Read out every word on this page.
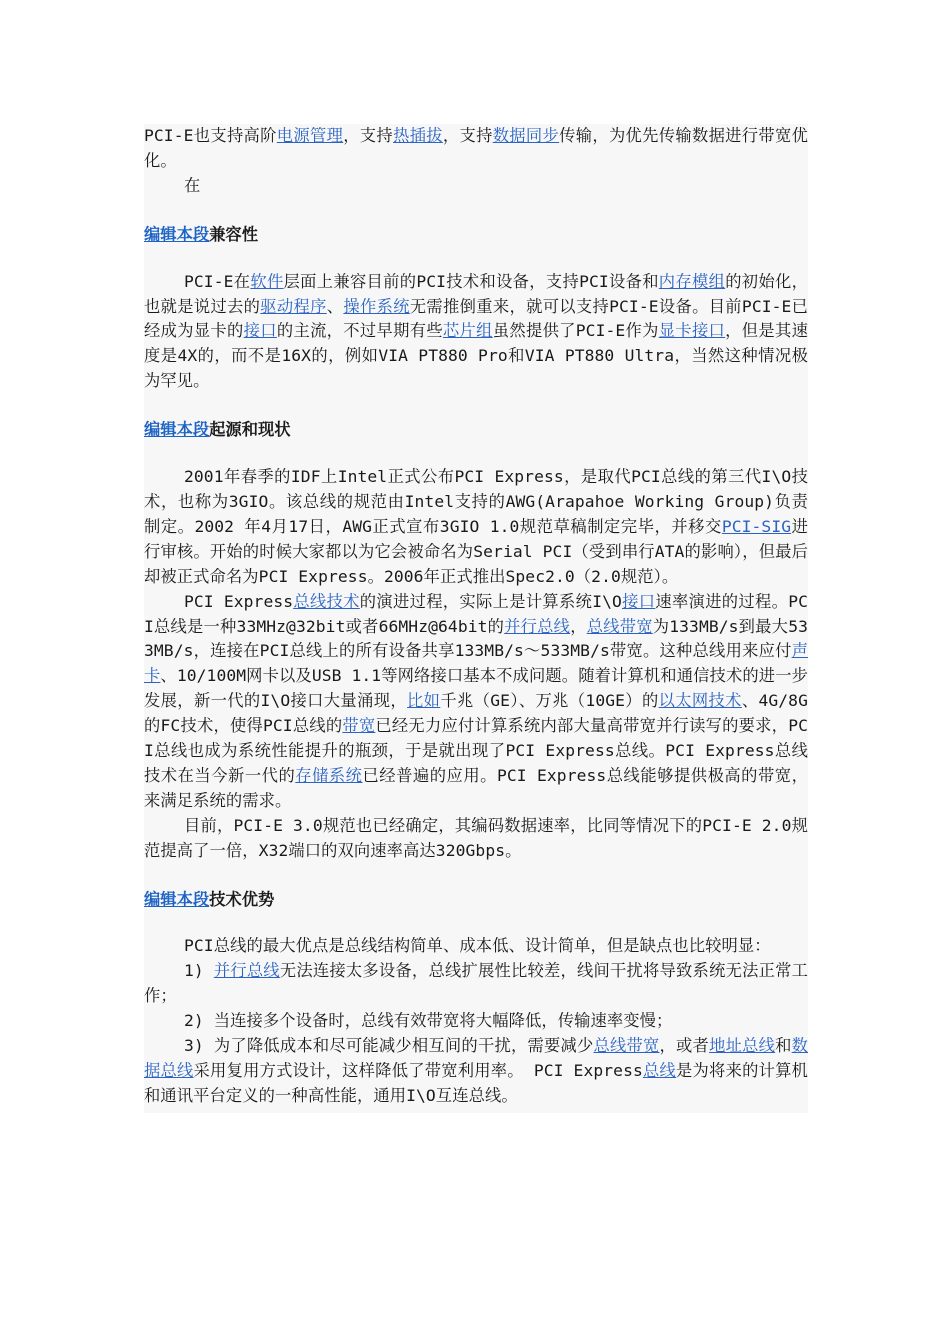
PCI-E也支持高阶电源管理，支持热插拔，支持数据同步传输，为优先传输数据进行带宽优化。

在

编辑本段兼容性

PCI-E在软件层面上兼容目前的PCI技术和设备，支持PCI设备和内存模组的初始化，也就是说过去的驱动程序、操作系统无需推倒重来，就可以支持PCI-E设备。目前PCI-E已经成为显卡的接口的主流，不过早期有些芯片组虽然提供了PCI-E作为显卡接口，但是其速度是4X的，而不是16X的，例如VIA PT880 Pro和VIA PT880 Ultra，当然这种情况极为罕见。

编辑本段起源和现状

2001年春季的IDF上Intel正式公布PCI Express，是取代PCI总线的第三代I\O技术，也称为3GIO。该总线的规范由Intel支持的AWG(Arapahoe Working Group)负责制定。2002 年4月17日，AWG正式宣布3GIO 1.0规范草稿制定完毕，并移交PCI-SIG进行审核。开始的时候大家都以为它会被命名为Serial PCI（受到串行ATA的影响），但最后却被正式命名为PCI Express。2006年正式推出Spec2.0（2.0规范）。

PCI Express总线技术的演进过程，实际上是计算系统I\O接口速率演进的过程。PCI总线是一种33MHz@32bit或者66MHz@64bit的并行总线，总线带宽为133MB/s到最大533MB/s，连接在PCI总线上的所有设备共享133MB/s～533MB/s带宽。这种总线用来应付声卡、10/100M网卡以及USB 1.1等网络接口基本不成问题。随着计算机和通信技术的进一步发展，新一代的I\O接口大量涌现，比如千兆（GE）、万兆（10GE）的以太网技术、4G/8G的FC技术，使得PCI总线的带宽已经无力应付计算系统内部大量高带宽并行读写的要求，PCI总线也成为系统性能提升的瓶颈，于是就出现了PCI Express总线。PCI Express总线技术在当今新一代的存储系统已经普遍的应用。PCI Express总线能够提供极高的带宽，来满足系统的需求。

目前，PCI-E 3.0规范也已经确定，其编码数据速率，比同等情况下的PCI-E 2.0规范提高了一倍，X32端口的双向速率高达320Gbps。

编辑本段技术优势

PCI总线的最大优点是总线结构简单、成本低、设计简单，但是缺点也比较明显：

1) 并行总线无法连接太多设备，总线扩展性比较差，线间干扰将导致系统无法正常工作；

2) 当连接多个设备时，总线有效带宽将大幅降低，传输速率变慢；

3) 为了降低成本和尽可能减少相互间的干扰，需要减少总线带宽，或者地址总线和数据总线采用复用方式设计，这样降低了带宽利用率。 PCI Express总线是为将来的计算机和通讯平台定义的一种高性能，通用I\O互连总线。
